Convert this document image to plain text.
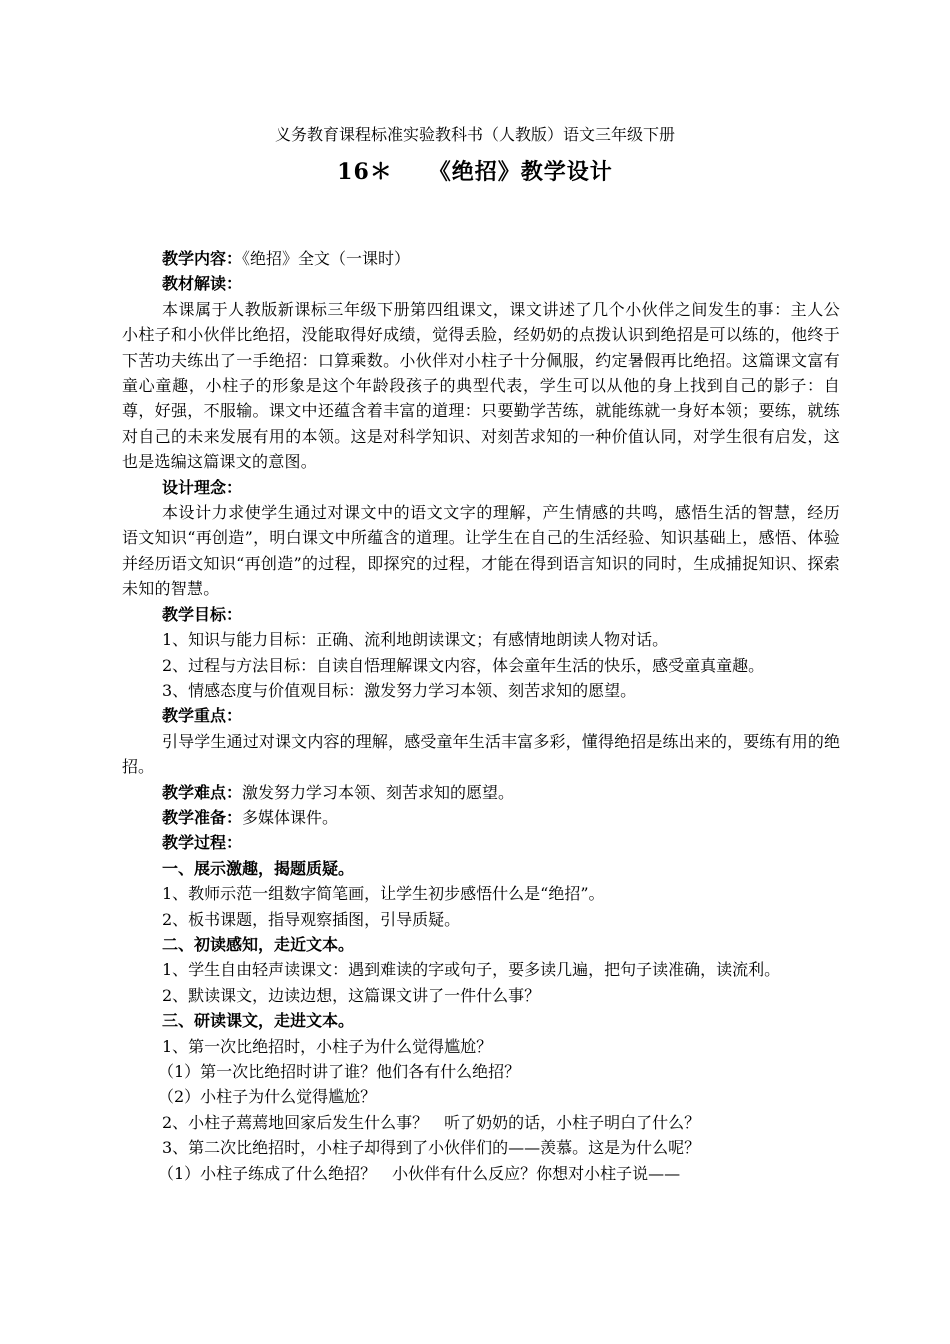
义务教育课程标准实验教科书（人教版）语文三年级下册
16＊ 《绝招》教学设计

教学内容：《绝招》全文（一课时）

教材解读：

本课属于人教版新课标三年级下册第四组课文，课文讲述了几个小伙伴之间发生的事：主人公小柱子和小伙伴比绝招，没能取得好成绩，觉得丢脸，经奶奶的点拨认识到绝招是可以练的，他终于下苦功夫练出了一手绝招：口算乘数。小伙伴对小柱子十分佩服，约定暑假再比绝招。这篇课文富有童心童趣，小柱子的形象是这个年龄段孩子的典型代表，学生可以从他的身上找到自己的影子：自尊，好强，不服输。课文中还蕴含着丰富的道理：只要勤学苦练，就能练就一身好本领；要练，就练对自己的未来发展有用的本领。这是对科学知识、对刻苦求知的一种价值认同，对学生很有启发，这也是选编这篇课文的意图。

设计理念：

本设计力求使学生通过对课文中的语文文字的理解，产生情感的共鸣，感悟生活的智慧，经历语文知识“再创造”，明白课文中所蕴含的道理。让学生在自己的生活经验、知识基础上，感悟、体验并经历语文知识“再创造”的过程，即探究的过程，才能在得到语言知识的同时，生成捕捉知识、探索未知的智慧。

教学目标：

1、知识与能力目标：正确、流利地朗读课文；有感情地朗读人物对话。

2、过程与方法目标：自读自悟理解课文内容，体会童年生活的快乐，感受童真童趣。

3、情感态度与价值观目标：激发努力学习本领、刻苦求知的愿望。

教学重点：

引导学生通过对课文内容的理解，感受童年生活丰富多彩，懂得绝招是练出来的，要练有用的绝招。

教学难点：激发努力学习本领、刻苦求知的愿望。

教学准备：多媒体课件。

教学过程：

一、展示激趣，揭题质疑。

1、教师示范一组数字简笔画，让学生初步感悟什么是“绝招”。

2、板书课题，指导观察插图，引导质疑。

二、初读感知，走近文本。

1、学生自由轻声读课文：遇到难读的字或句子，要多读几遍，把句子读准确，读流利。

2、默读课文，边读边想，这篇课文讲了一件什么事？

三、研读课文，走进文本。

1、第一次比绝招时，小柱子为什么觉得尴尬？

（1）第一次比绝招时讲了谁？他们各有什么绝招？

（2）小柱子为什么觉得尴尬？

2、小柱子蔫蔫地回家后发生什么事？　听了奶奶的话，小柱子明白了什么？

3、第二次比绝招时，小柱子却得到了小伙伴们的——羡慕。这是为什么呢？

（1）小柱子练成了什么绝招？　小伙伴有什么反应？你想对小柱子说——
